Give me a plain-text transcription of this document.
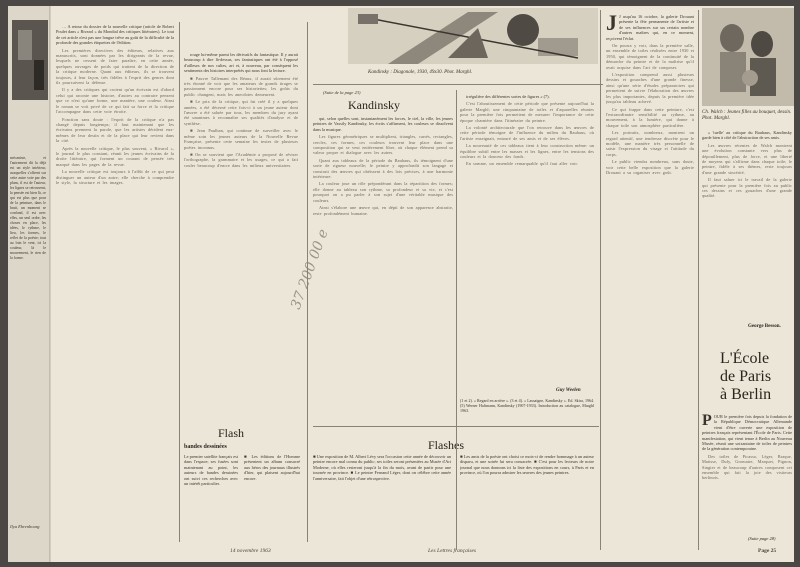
mécaniste, et l'autrement dit la déjà est un style intérieur, auxquelles s'offrent sur cette autre voie par des plans, il est de l'auteur, les lignes se retrouvent, la pensée est bien là, ce qui est plus que pour de la peinture, dans le bruit, un moment se confond, il est avec elles, un seul ordre, les choses en place, les idées, le rythme, le lieu, les formes, le reflet de la poésie; tout au loin le vent, ici la couleur, là le mouvement, le rien de la forme.
Ilya Ehrenbourg

… A retour du dossier de la nouvelle critique (article de Robert Poulet dans « Rivarol » du Mondial des critiques littéraires). Le tout de cet article n'est pas une longue trêve au goût de la difficulté de la profonde des grandes étiquettes de l'édition.

Les premières directives des éditeurs, relatives aux manuscrits, sont données par les dirigeants de la revue, lesquels ne cessent de faire paraître, en cette année, quelques ouvrages de poids qui traitent de la direction de la critique moderne. Quant aux éditeurs, ils se trouvent toujours, à leur façon, très fidèles à l'esprit des genres dont ils poursuivent la défense.

Il y a des critiques qui croient qu'un écrivain est d'abord celui qui raconte une histoire, d'autres au contraire pensent que ce n'est qu'une forme, une manière, une couleur. Ainsi le roman se voit privé de ce qui fait sa force et la critique l'accompagne dans cette voie étroite.

Fonction sans doute : l'esprit de la critique n'a pas changé depuis longtemps; il faut maintenant que les écrivains prennent la parole, que les artistes décident eux-mêmes de leur destin et de la place qui leur revient dans la cité.

Après la nouvelle critique, le plus souvent, « Rivarol », le journal le plus constant, réunit les jeunes écrivains de la droite littéraire, qui forment un courant de pensée très marqué dans les pages de la revue.

La nouvelle critique est toujours à l'affût de ce qui peut distinguer un auteur d'un autre; elle cherche à comprendre le style, la structure et les images.

rouge lui-même parmi les dérivatifs du fantastique. Il y aurait beaucoup à dire là-dessus, ses fantastiques ont été à l'opposé d'ailleurs de nos cultes, art et, à nouveau, par conséquent les sentiments des histoires interprétés qui nous font la lecture.

■ Pauvre Tallemant des Réaux, il aurait sûrement été très étonné de voir que les amateurs de grands tirages se passionnent encore pour ses historiettes; les goûts du public changent, mais les anecdotes demeurent.

■ Le prix de la critique, qui fut créé il y a quelques années, a été décerné cette fois-ci à un jeune auteur dont l'œuvre a été saluée par tous, les membres du jury ayant été unanimes à reconnaître ses qualités d'analyse et de synthèse.

■ Jean Paulhan, qui continue de surveiller avec le même soin les jeunes auteurs de la Nouvelle Revue Française, présente cette semaine les textes de plusieurs poètes inconnus.

■ On se souvient que l'Académie a proposé de réviser l'orthographe, la grammaire et les usages, ce qui a fait couler beaucoup d'encre dans les milieux universitaires.

Flash
bandes dessinées
Le premier satellite français est dans l'espace; ses fusées sont maintenant au point, les auteurs de bandes dessinées ont suivi ces recherches avec un intérêt particulier.
■ Les éditions de l'Homme présentent un album consacré aux héros des journaux illustrés d'hier, qui plaisent aujourd'hui encore.
Kandinsky : Diagonale, 1930, 49x30. Phot. Marghl.
(Suite de la page 23)
Kandinsky

qui, selon quelles sont, instantanément les forces, le ciel, la ville, les jeunes peintres de Vassily Kandinsky, les écrits s'affirment, les couleurs se dissolvent dans la musique.

Les figures géométriques se multiplient, triangles, carrés, rectangles, cercles, ces formes, ces couleurs trouvent leur place dans une composition qui se veut entièrement libre, où chaque élément prend sa valeur propre et dialogue avec les autres.

Quant aux tableaux de la période du Bauhaus, ils témoignent d'une sorte de rigueur nouvelle; le peintre y approfondit son langage et construit des œuvres qui obéissent à des lois précises, à une harmonie intérieure.

La couleur joue un rôle prépondérant dans la répartition des formes; elle donne au tableau son rythme, sa profondeur et sa vie, et c'est pourquoi on a pu parler à son sujet d'une véritable musique des couleurs.

Ainsi s'élabore une œuvre qui, en dépit de son apparence abstraite, reste profondément humaine.

irrégulière des différentes sortes de figures « (7).

C'est l'aboutissement de cette période que présente aujourd'hui la galerie Marghl; une cinquantaine de toiles et d'aquarelles réunies pour la première fois permettent de mesurer l'importance de cette époque charnière dans l'itinéraire du peintre.

La volonté architecturale que l'on retrouve dans les œuvres de cette période témoigne de l'influence du milieu du Bauhaus, où l'artiste enseignait, entouré de ses amis et de ses élèves.

La nouveauté de ces tableaux tient à leur construction même: un équilibre subtil entre les masses et les lignes, entre les tensions des couleurs et la douceur des fonds.

En somme, un ensemble remarquable qu'il faut aller voir.

Guy Weelen
(1 et 2). « Regard en arrière ». (3 et 4). « Lassaigne, Kandinsky ». Ed. Skira, 1964. (5) Werner Haftmann, Kandinsky (1907-1933). Introduction au catalogue, Marghl 1963.
37 200 00 e
Flashes
■ Une exposition de M. Albert Lévy sera l'occasion cette année de découvrir un peintre encore mal connu du public; ses toiles seront présentées au Musée d'Art Moderne, où elles resteront jusqu'à la fin du mois, avant de partir pour une tournée en province. ■ Le peintre Fernand Léger, dont on célèbre cette année l'anniversaire, fait l'objet d'une rétrospective.
■ Les amis de la poésie ont choisi ce mois-ci de rendre hommage à un auteur disparu, et une soirée lui sera consacrée. ■ C'est pour les lecteurs de notre journal que nous donnons ici la liste des expositions en cours, à Paris et en province, où l'on pourra admirer les œuvres des jeunes peintres.

J J usqu'au 16 octobre, la galerie Drouant présente la fête permanente de l'artiste et de ses influences sur un certain nombre d'autres maîtres qui, en ce moment, reçoivent l'éclat.

On pourra y voir, dans la première salle, un ensemble de toiles réalisées entre 1930 et 1950, qui témoignent de la continuité de la démarche du peintre et de la maîtrise qu'il avait acquise dans l'art de composer.

L'exposition comprend aussi plusieurs dessins et gouaches d'une grande finesse, ainsi qu'une série d'études préparatoires qui permettent de suivre l'élaboration des œuvres les plus importantes, depuis la première idée jusqu'au tableau achevé.

Ce qui frappe dans cette peinture, c'est l'extraordinaire sensibilité au rythme, au mouvement, à la lumière, qui donne à chaque toile son atmosphère particulière.

Les portraits, nombreux, montrent un regard attentif, une tendresse discrète pour le modèle, une manière très personnelle de saisir l'expression du visage et l'attitude du corps.

Le public viendra nombreux, sans doute, voir cette belle exposition que la galerie Drouant a su organiser avec goût.

Ch. Walch : Jeunes filles au bouquet, dessin. Phot. Marghl.

« 'tuelle' au critique du Bauhaus, Kandinsky garde bien à côté de l'abstraction de ses amis.

Les œuvres récentes de Walch montrent une évolution constante vers plus de dépouillement, plus de force, et une liberté de moyens qui s'affirme dans chaque toile; le peintre, fidèle à ses thèmes, reste toujours d'une grande sincérité.

Il faut saluer ici le travail de la galerie qui présente pour la première fois au public ces dessins et ces gouaches d'une grande qualité.

George Besson.
L'École
de Paris
à Berlin

POUR le première fois depuis la fondation de la République Démocratique Allemande vient d'être ouverte une exposition de peintres français représentant l'École de Paris. Cette manifestation, qui vient tenue à Berlin au Nouveau Musée, réunit une soixantaine de toiles de peintres de la génération contemporaine.

Des toiles de Picasso, Léger, Braque, Matisse, Dufy, Gromaire, Marquet, Pignon, Singier et de beaucoup d'autres composent cet ensemble qui fait la joie des visiteurs berlinois.

(Suite page 28)
14 novembre 1963	Les Lettres françaises	Page 25
